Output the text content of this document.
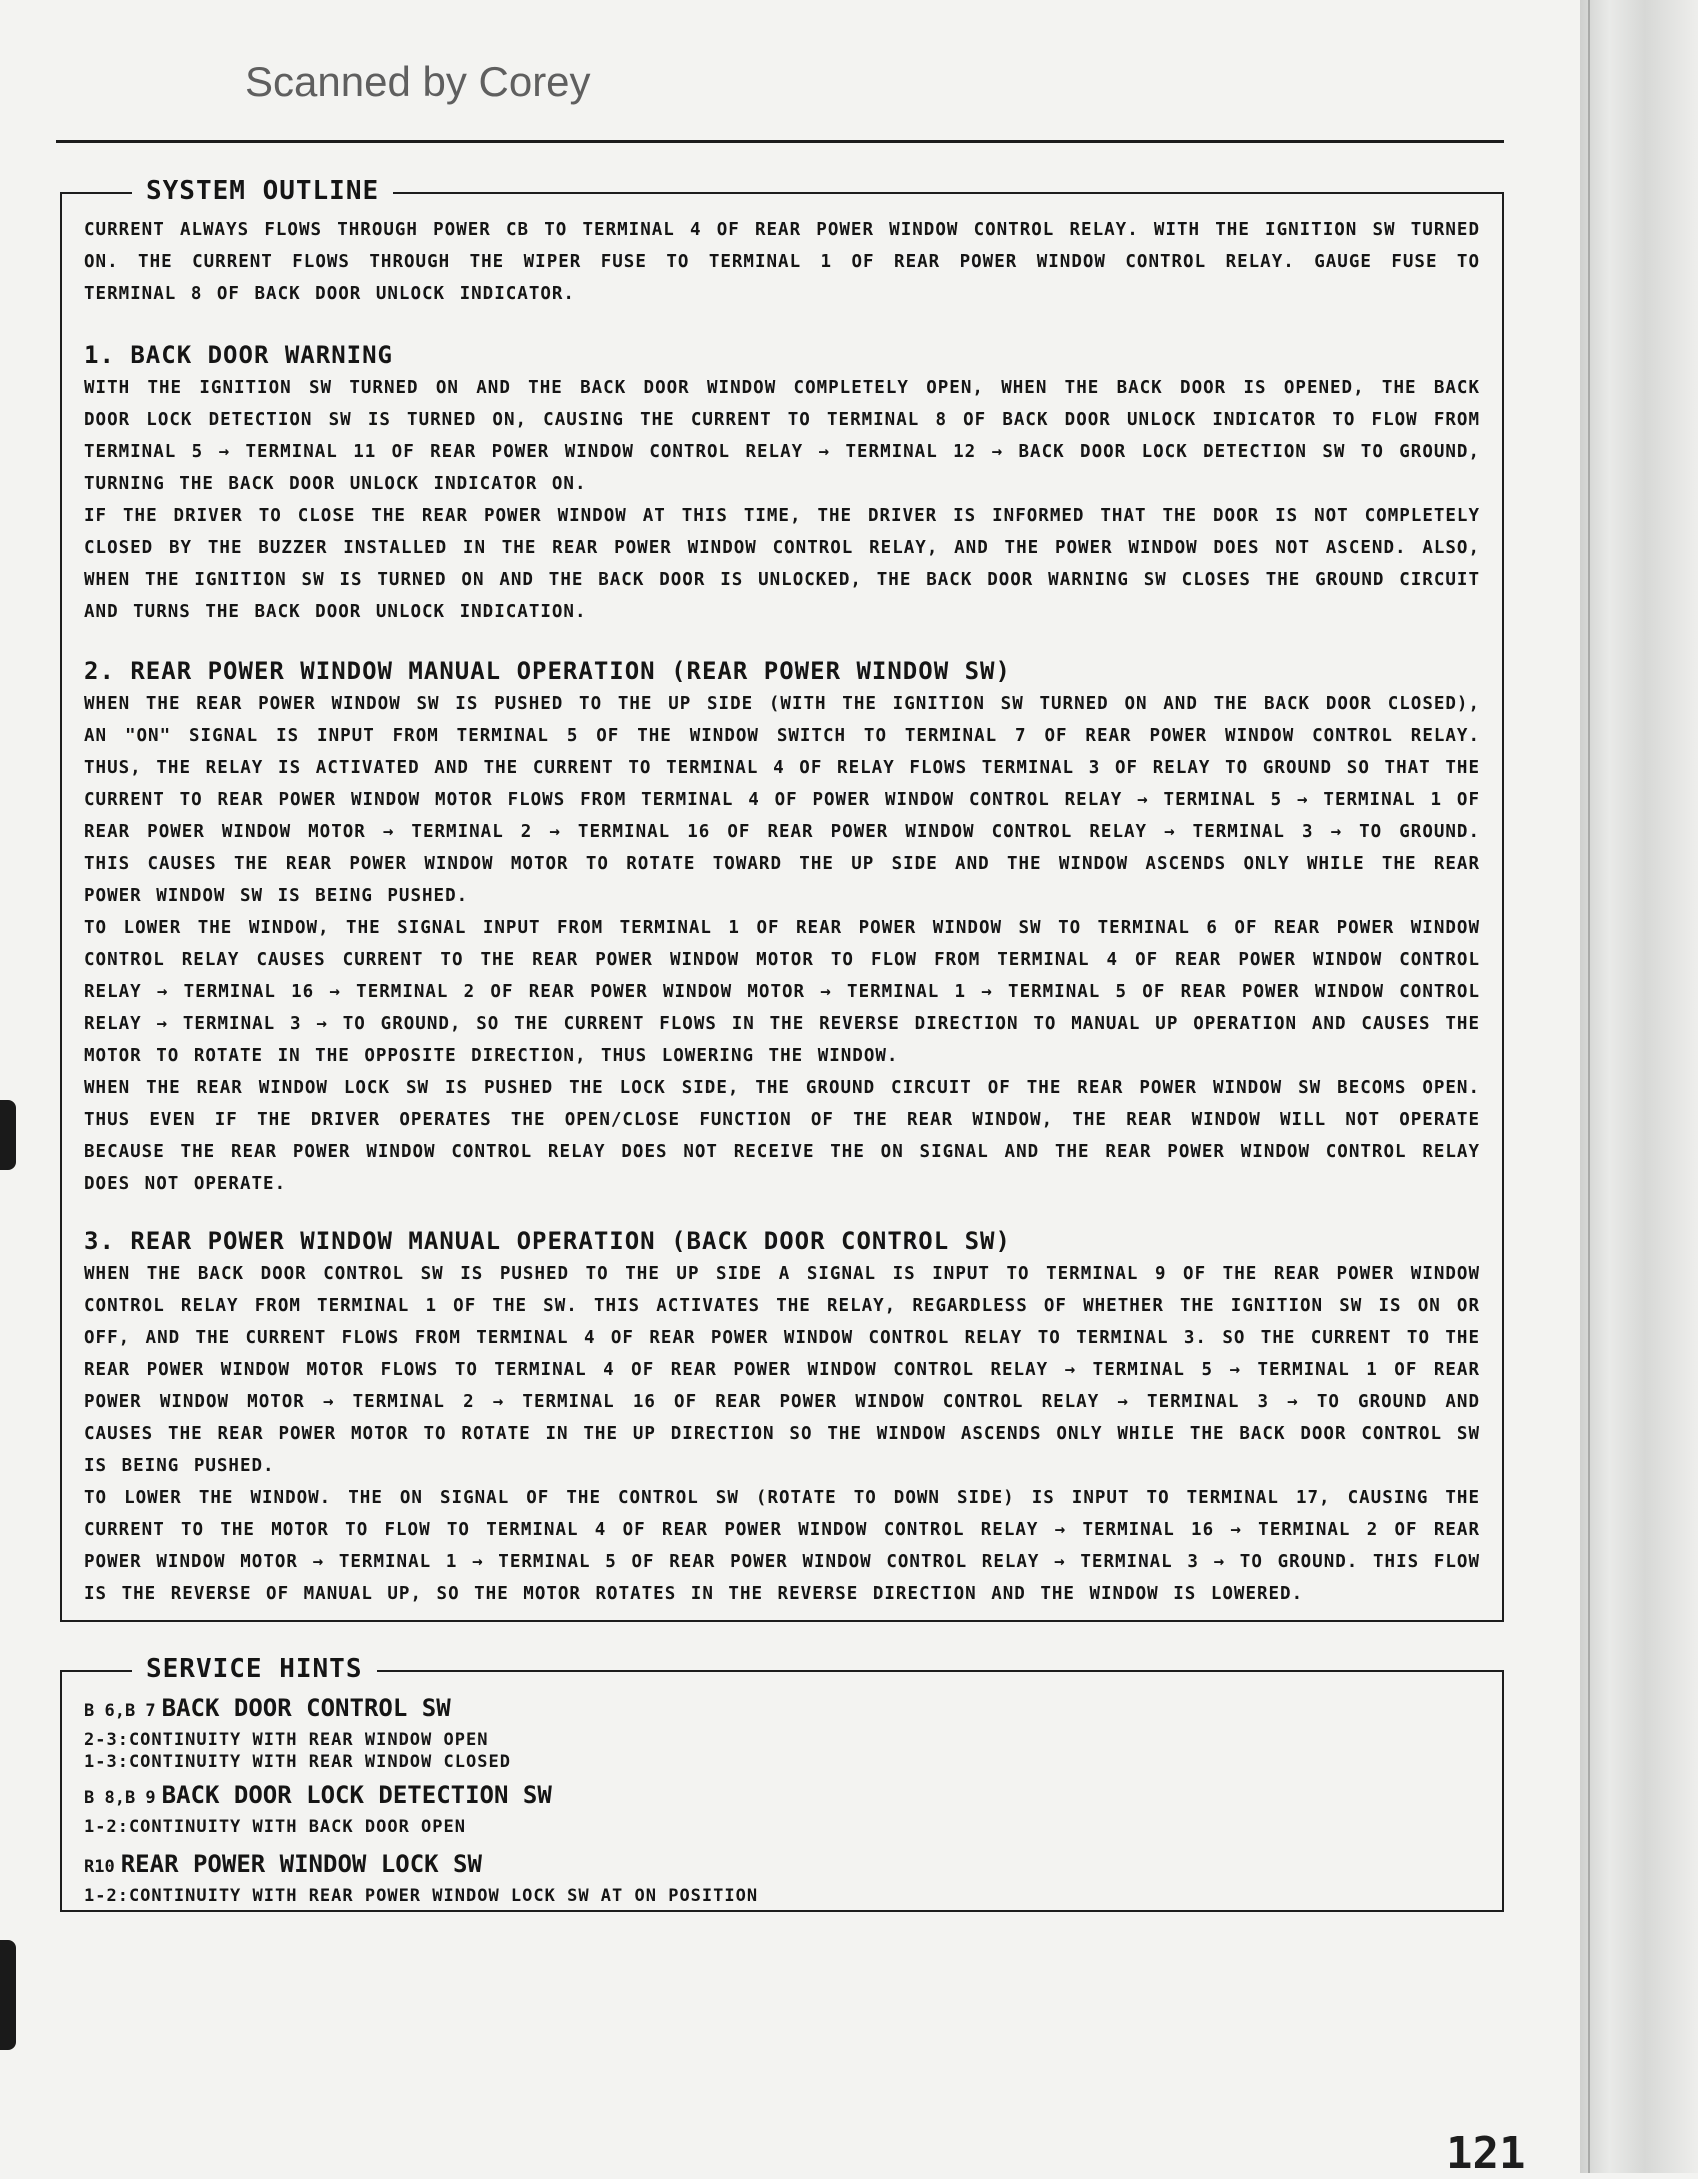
Scanned by Corey
SYSTEM OUTLINE

CURRENT ALWAYS FLOWS THROUGH POWER CB TO TERMINAL 4 OF REAR POWER WINDOW CONTROL RELAY. WITH THE IGNITION SW TURNED ON. THE CURRENT FLOWS THROUGH THE WIPER FUSE TO TERMINAL 1 OF REAR POWER WINDOW CONTROL RELAY. GAUGE FUSE TO TERMINAL 8 OF BACK DOOR UNLOCK INDICATOR.

1. BACK DOOR WARNING

WITH THE IGNITION SW TURNED ON AND THE BACK DOOR WINDOW COMPLETELY OPEN, WHEN THE BACK DOOR IS OPENED, THE BACK DOOR LOCK DETECTION SW IS TURNED ON, CAUSING THE CURRENT TO TERMINAL 8 OF BACK DOOR UNLOCK INDICATOR TO FLOW FROM TERMINAL 5 → TERMINAL 11 OF REAR POWER WINDOW CONTROL RELAY → TERMINAL 12 → BACK DOOR LOCK DETECTION SW TO GROUND, TURNING THE BACK DOOR UNLOCK INDICATOR ON.

IF THE DRIVER TO CLOSE THE REAR POWER WINDOW AT THIS TIME, THE DRIVER IS INFORMED THAT THE DOOR IS NOT COMPLETELY CLOSED BY THE BUZZER INSTALLED IN THE REAR POWER WINDOW CONTROL RELAY, AND THE POWER WINDOW DOES NOT ASCEND. ALSO, WHEN THE IGNITION SW IS TURNED ON AND THE BACK DOOR IS UNLOCKED, THE BACK DOOR WARNING SW CLOSES THE GROUND CIRCUIT AND TURNS THE BACK DOOR UNLOCK INDICATION.

2. REAR POWER WINDOW MANUAL OPERATION (REAR POWER WINDOW SW)

WHEN THE REAR POWER WINDOW SW IS PUSHED TO THE UP SIDE (WITH THE IGNITION SW TURNED ON AND THE BACK DOOR CLOSED), AN "ON" SIGNAL IS INPUT FROM TERMINAL 5 OF THE WINDOW SWITCH TO TERMINAL 7 OF REAR POWER WINDOW CONTROL RELAY. THUS, THE RELAY IS ACTIVATED AND THE CURRENT TO TERMINAL 4 OF RELAY FLOWS TERMINAL 3 OF RELAY TO GROUND SO THAT THE CURRENT TO REAR POWER WINDOW MOTOR FLOWS FROM TERMINAL 4 OF POWER WINDOW CONTROL RELAY → TERMINAL 5 → TERMINAL 1 OF REAR POWER WINDOW MOTOR → TERMINAL 2 → TERMINAL 16 OF REAR POWER WINDOW CONTROL RELAY → TERMINAL 3 → TO GROUND. THIS CAUSES THE REAR POWER WINDOW MOTOR TO ROTATE TOWARD THE UP SIDE AND THE WINDOW ASCENDS ONLY WHILE THE REAR POWER WINDOW SW IS BEING PUSHED.

TO LOWER THE WINDOW, THE SIGNAL INPUT FROM TERMINAL 1 OF REAR POWER WINDOW SW TO TERMINAL 6 OF REAR POWER WINDOW CONTROL RELAY CAUSES CURRENT TO THE REAR POWER WINDOW MOTOR TO FLOW FROM TERMINAL 4 OF REAR POWER WINDOW CONTROL RELAY → TERMINAL 16 → TERMINAL 2 OF REAR POWER WINDOW MOTOR → TERMINAL 1 → TERMINAL 5 OF REAR POWER WINDOW CONTROL RELAY → TERMINAL 3 → TO GROUND, SO THE CURRENT FLOWS IN THE REVERSE DIRECTION TO MANUAL UP OPERATION AND CAUSES THE MOTOR TO ROTATE IN THE OPPOSITE DIRECTION, THUS LOWERING THE WINDOW.

WHEN THE REAR WINDOW LOCK SW IS PUSHED THE LOCK SIDE, THE GROUND CIRCUIT OF THE REAR POWER WINDOW SW BECOMS OPEN. THUS EVEN IF THE DRIVER OPERATES THE OPEN/CLOSE FUNCTION OF THE REAR WINDOW, THE REAR WINDOW WILL NOT OPERATE BECAUSE THE REAR POWER WINDOW CONTROL RELAY DOES NOT RECEIVE THE ON SIGNAL AND THE REAR POWER WINDOW CONTROL RELAY DOES NOT OPERATE.

3. REAR POWER WINDOW MANUAL OPERATION (BACK DOOR CONTROL SW)

WHEN THE BACK DOOR CONTROL SW IS PUSHED TO THE UP SIDE A SIGNAL IS INPUT TO TERMINAL 9 OF THE REAR POWER WINDOW CONTROL RELAY FROM TERMINAL 1 OF THE SW. THIS ACTIVATES THE RELAY, REGARDLESS OF WHETHER THE IGNITION SW IS ON OR OFF, AND THE CURRENT FLOWS FROM TERMINAL 4 OF REAR POWER WINDOW CONTROL RELAY TO TERMINAL 3. SO THE CURRENT TO THE REAR POWER WINDOW MOTOR FLOWS TO TERMINAL 4 OF REAR POWER WINDOW CONTROL RELAY → TERMINAL 5 → TERMINAL 1 OF REAR POWER WINDOW MOTOR → TERMINAL 2 → TERMINAL 16 OF REAR POWER WINDOW CONTROL RELAY → TERMINAL 3 → TO GROUND AND CAUSES THE REAR POWER MOTOR TO ROTATE IN THE UP DIRECTION SO THE WINDOW ASCENDS ONLY WHILE THE BACK DOOR CONTROL SW IS BEING PUSHED.

TO LOWER THE WINDOW. THE ON SIGNAL OF THE CONTROL SW (ROTATE TO DOWN SIDE) IS INPUT TO TERMINAL 17, CAUSING THE CURRENT TO THE MOTOR TO FLOW TO TERMINAL 4 OF REAR POWER WINDOW CONTROL RELAY → TERMINAL 16 → TERMINAL 2 OF REAR POWER WINDOW MOTOR → TERMINAL 1 → TERMINAL 5 OF REAR POWER WINDOW CONTROL RELAY → TERMINAL 3 → TO GROUND. THIS FLOW IS THE REVERSE OF MANUAL UP, SO THE MOTOR ROTATES IN THE REVERSE DIRECTION AND THE WINDOW IS LOWERED.

SERVICE HINTS

B 6,B 7 BACK DOOR CONTROL SW

2-3:CONTINUITY WITH REAR WINDOW OPEN

1-3:CONTINUITY WITH REAR WINDOW CLOSED

B 8,B 9 BACK DOOR LOCK DETECTION SW

1-2:CONTINUITY WITH BACK DOOR OPEN

R10 REAR POWER WINDOW LOCK SW

1-2:CONTINUITY WITH REAR POWER WINDOW LOCK SW AT ON POSITION

121
